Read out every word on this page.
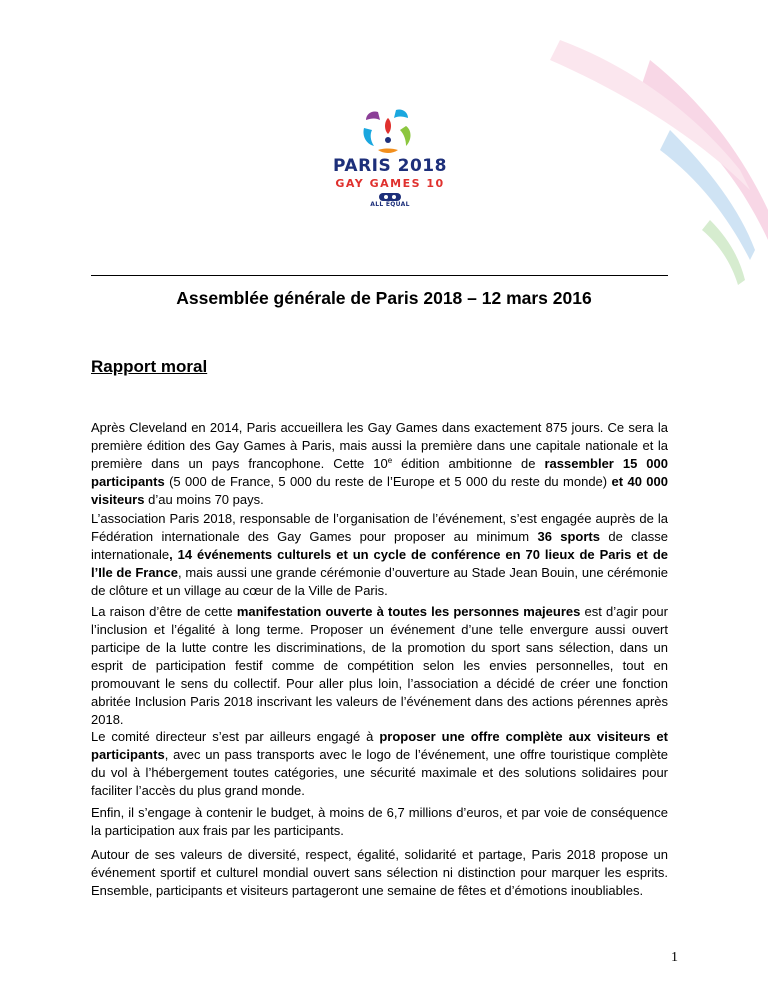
PARIS 2018
GAY GAMES 10
ALL EQUAL
Assemblée générale de Paris 2018 – 12 mars 2016
Rapport moral
Après Cleveland en 2014, Paris accueillera les Gay Games dans exactement 875 jours. Ce sera la première édition des Gay Games à Paris, mais aussi la première dans une capitale nationale et la première dans un pays francophone. Cette 10e édition ambitionne de rassembler 15 000 participants (5 000 de France, 5 000 du reste de l’Europe et 5 000 du reste du monde) et 40 000 visiteurs d’au moins 70 pays.
L’association Paris 2018, responsable de l’organisation de l’événement, s’est engagée auprès de la Fédération internationale des Gay Games pour proposer au minimum 36 sports de classe internationale, 14 événements culturels et un cycle de conférence en 70 lieux de Paris et de l’Ile de France, mais aussi une grande cérémonie d’ouverture au Stade Jean Bouin, une cérémonie de clôture et un village au cœur de la Ville de Paris.
La raison d’être de cette manifestation ouverte à toutes les personnes majeures est d’agir pour l’inclusion et l’égalité à long terme. Proposer un événement d’une telle envergure aussi ouvert participe de la lutte contre les discriminations, de la promotion du sport sans sélection, dans un esprit de participation festif comme de compétition selon les envies personnelles, tout en promouvant le sens du collectif. Pour aller plus loin, l’association a décidé de créer une fonction abritée Inclusion Paris 2018 inscrivant les valeurs de l’événement dans des actions pérennes après 2018.
Le comité directeur s’est par ailleurs engagé à proposer une offre complète aux visiteurs et participants, avec un pass transports avec le logo de l’événement, une offre touristique complète du vol à l’hébergement toutes catégories, une sécurité maximale et des solutions solidaires pour faciliter l’accès du plus grand monde.
Enfin, il s’engage à contenir le budget, à moins de 6,7 millions d’euros, et par voie de conséquence la participation aux frais par les participants.
Autour de ses valeurs de diversité, respect, égalité, solidarité et partage, Paris 2018 propose un événement sportif et culturel mondial ouvert sans sélection ni distinction pour marquer les esprits. Ensemble, participants et visiteurs partageront une semaine de fêtes et d’émotions inoubliables.
1
